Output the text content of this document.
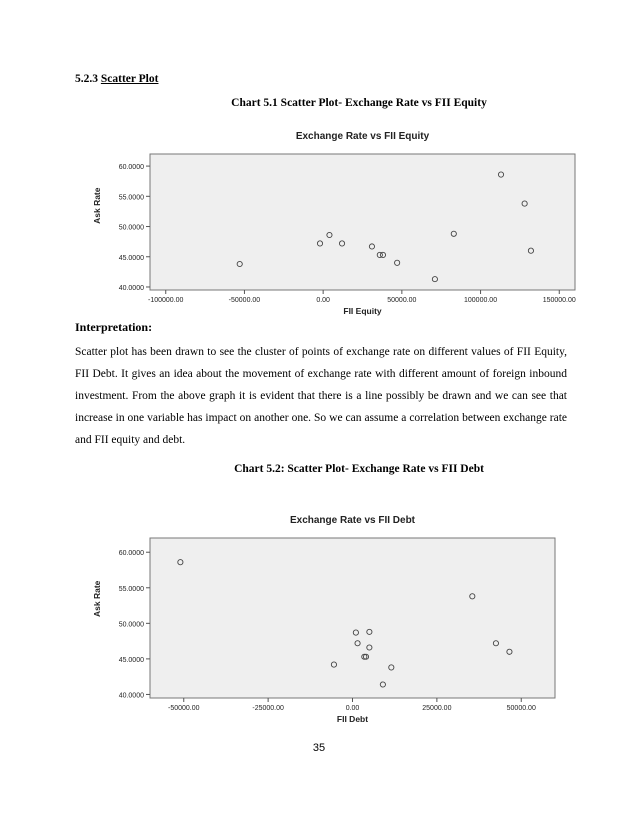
5.2.3 Scatter Plot
Chart 5.1 Scatter Plot- Exchange Rate vs FII Equity
Exchange Rate vs FII Equity
40.0000
45.0000
50.0000
55.0000
60.0000
-100000.00	-50000.00	0.00	50000.00	100000.00	150000.00
FII Equity
Ask Rate
Interpretation:
Scatter plot has been drawn to see the cluster of points of exchange rate on different values of FII Equity, FII Debt. It gives an idea about the movement of exchange rate with different amount of foreign inbound investment. From the above graph it is evident that there is a line possibly be drawn and we can see that increase in one variable has impact on another one. So we can assume a correlation between exchange rate and FII equity and debt.
Chart 5.2: Scatter Plot- Exchange Rate vs FII Debt
Exchange Rate vs FII Debt
40.0000
45.0000
50.0000
55.0000
60.0000
-50000.00	-25000.00	0.00	25000.00	50000.00
FII Debt
Ask Rate
35
